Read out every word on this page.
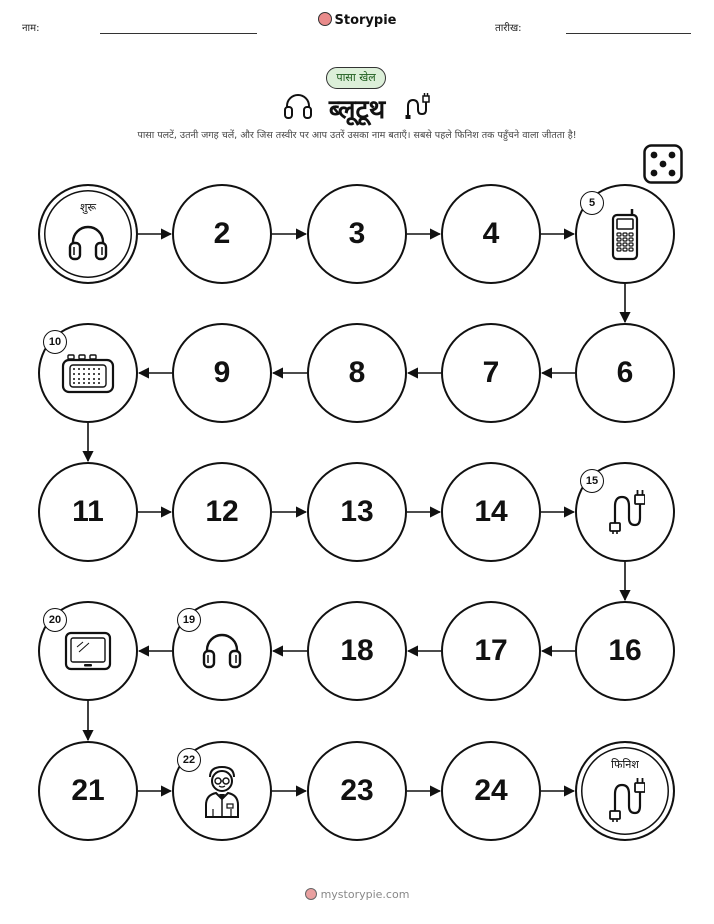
नाम:
Storypie
तारीख:
पासा खेल
ब्लूटूथ
पासा पलटें, उतनी जगह चलें, और जिस तस्वीर पर आप उतरें उसका नाम बताएँ। सबसे पहले फिनिश तक पहुँचने वाला जीतता है!
शुरू
2	3	4
5
6
7
8
9
10
11	12	13	14
15
16
17
18
19
20
21
22
23	24
फिनिश
mystorypie.com
